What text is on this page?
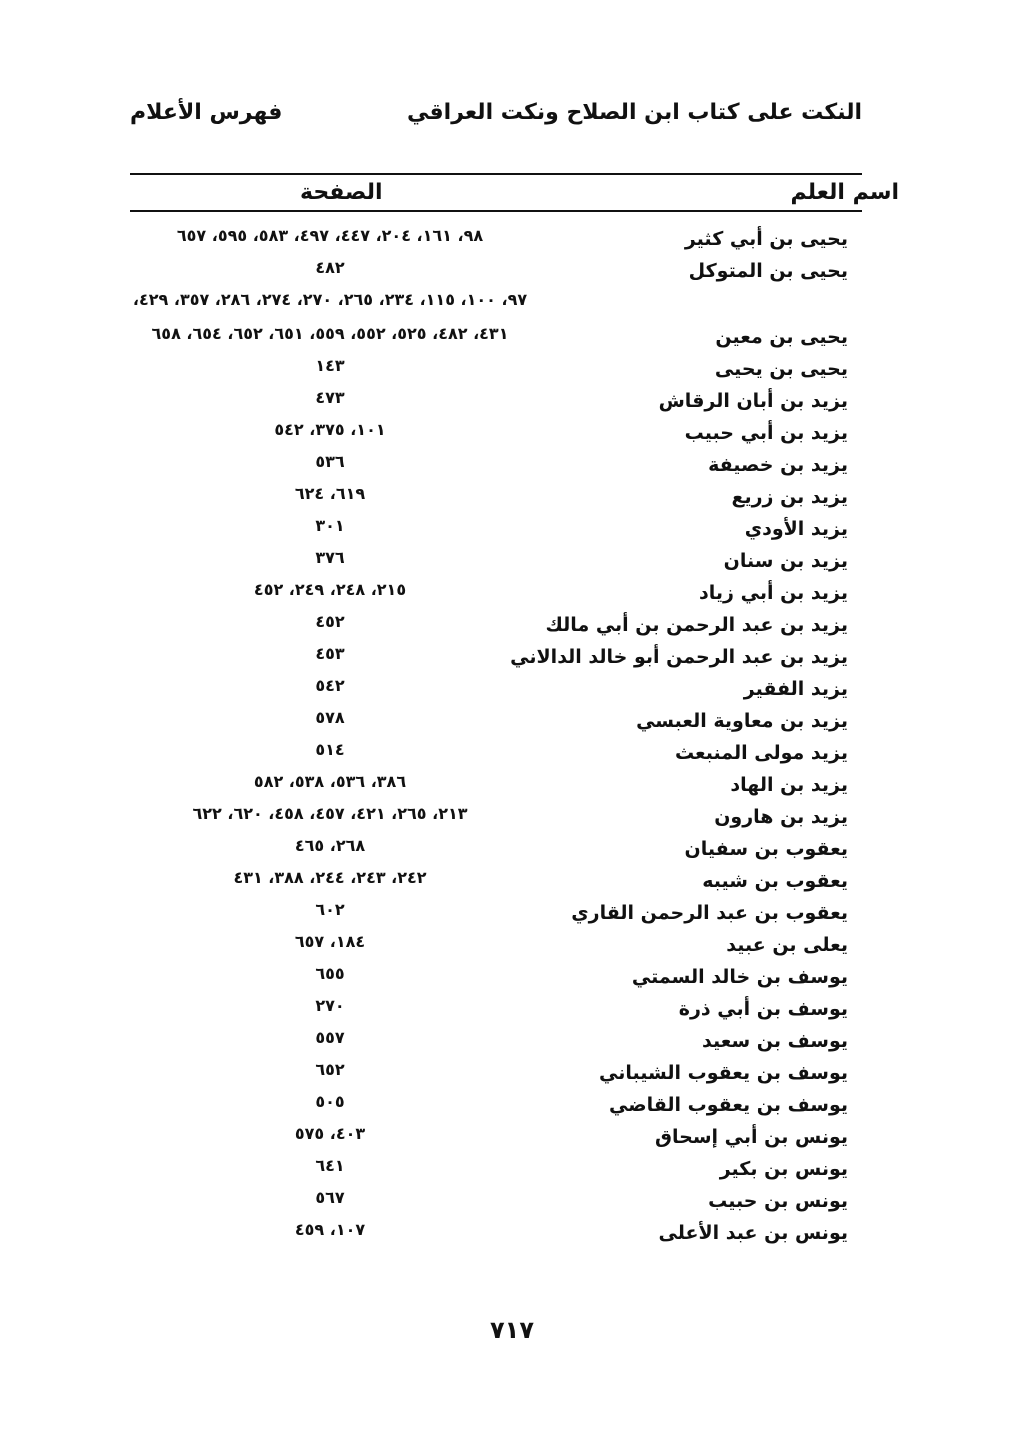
النكت على كتاب ابن الصلاح ونكت العراقي
فهرس الأعلام
اسم العلم
الصفحة
يحيى بن أبي كثير
٩٨، ١٦١، ٢٠٤، ٤٤٧، ٤٩٧، ٥٨٣، ٥٩٥، ٦٥٧
يحيى بن المتوكل
٤٨٢
يحيى بن معين
٩٧، ١٠٠، ١١٥، ٢٣٤، ٢٦٥، ٢٧٠، ٢٧٤، ٢٨٦، ٣٥٧، ٤٢٩،
٤٣١، ٤٨٢، ٥٢٥، ٥٥٢، ٥٥٩، ٦٥١، ٦٥٢، ٦٥٤، ٦٥٨
يحيى بن يحيى
١٤٣
يزيد بن أبان الرقاش
٤٧٣
يزيد بن أبي حبيب
١٠١، ٣٧٥، ٥٤٢
يزيد بن خصيفة
٥٣٦
يزيد بن زريع
٦١٩، ٦٢٤
يزيد الأودي
٣٠١
يزيد بن سنان
٣٧٦
يزيد بن أبي زياد
٢١٥، ٢٤٨، ٢٤٩، ٤٥٢
يزيد بن عبد الرحمن بن أبي مالك
٤٥٢
يزيد بن عبد الرحمن أبو خالد الدالاني
٤٥٣
يزيد الفقير
٥٤٢
يزيد بن معاوية العبسي
٥٧٨
يزيد مولى المنبعث
٥١٤
يزيد بن الهاد
٣٨٦، ٥٣٦، ٥٣٨، ٥٨٢
يزيد بن هارون
٢١٣، ٢٦٥، ٤٢١، ٤٥٧، ٤٥٨، ٦٢٠، ٦٢٢
يعقوب بن سفيان
٢٦٨، ٤٦٥
يعقوب بن شيبه
٢٤٢، ٢٤٣، ٢٤٤، ٣٨٨، ٤٣١
يعقوب بن عبد الرحمن القاري
٦٠٢
يعلى بن عبيد
١٨٤، ٦٥٧
يوسف بن خالد السمتي
٦٥٥
يوسف بن أبي ذرة
٢٧٠
يوسف بن سعيد
٥٥٧
يوسف بن يعقوب الشيباني
٦٥٢
يوسف بن يعقوب القاضي
٥٠٥
يونس بن أبي إسحاق
٤٠٣، ٥٧٥
يونس بن بكير
٦٤١
يونس بن حبيب
٥٦٧
يونس بن عبد الأعلى
١٠٧، ٤٥٩
٧١٧
